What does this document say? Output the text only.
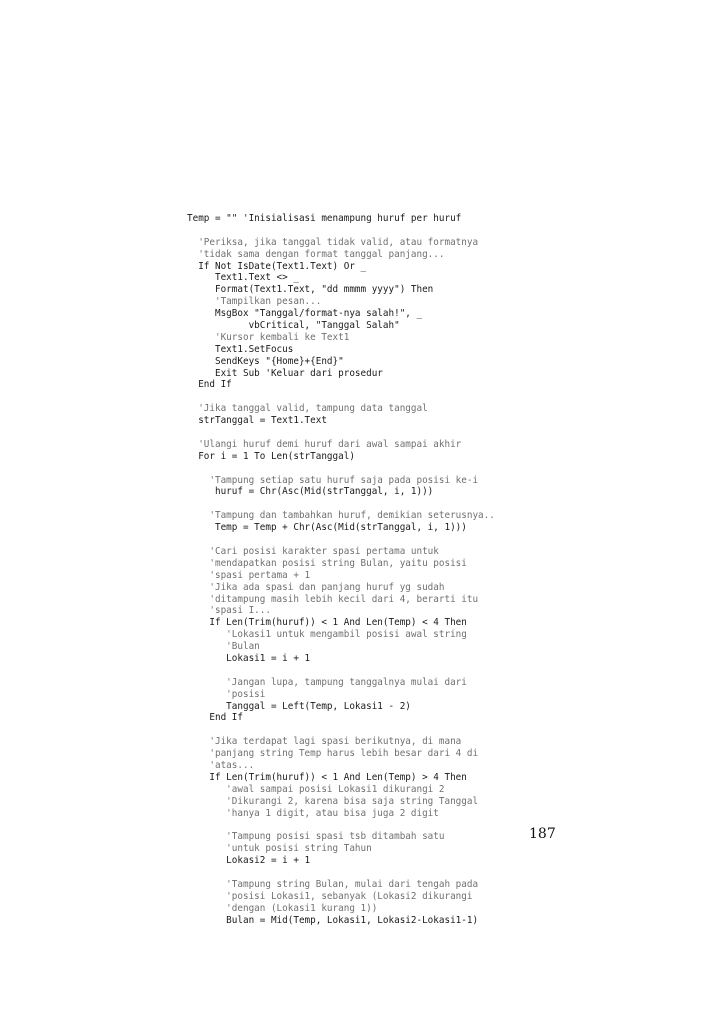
Temp = "" 'Inisialisasi menampung huruf per huruf
'Periksa, jika tanggal tidak valid, atau formatnya
'tidak sama dengan format tanggal panjang...
If Not IsDate(Text1.Text) Or _
Text1.Text <> _
Format(Text1.Text, "dd mmmm yyyy") Then
'Tampilkan pesan...
MsgBox "Tanggal/format-nya salah!", _
vbCritical, "Tanggal Salah"
'Kursor kembali ke Text1
Text1.SetFocus
SendKeys "{Home}+{End}"
Exit Sub 'Keluar dari prosedur
End If
'Jika tanggal valid, tampung data tanggal
strTanggal = Text1.Text
'Ulangi huruf demi huruf dari awal sampai akhir
For i = 1 To Len(strTanggal)
'Tampung setiap satu huruf saja pada posisi ke-i
huruf = Chr(Asc(Mid(strTanggal, i, 1)))
'Tampung dan tambahkan huruf, demikian seterusnya..
Temp = Temp + Chr(Asc(Mid(strTanggal, i, 1)))
'Cari posisi karakter spasi pertama untuk
'mendapatkan posisi string Bulan, yaitu posisi
'spasi pertama + 1
'Jika ada spasi dan panjang huruf yg sudah
'ditampung masih lebih kecil dari 4, berarti itu
'spasi I...
If Len(Trim(huruf)) < 1 And Len(Temp) < 4 Then
'Lokasi1 untuk mengambil posisi awal string
'Bulan
Lokasi1 = i + 1
'Jangan lupa, tampung tanggalnya mulai dari
'posisi
Tanggal = Left(Temp, Lokasi1 - 2)
End If
'Jika terdapat lagi spasi berikutnya, di mana
'panjang string Temp harus lebih besar dari 4 di
'atas...
If Len(Trim(huruf)) < 1 And Len(Temp) > 4 Then
'awal sampai posisi Lokasi1 dikurangi 2
'Dikurangi 2, karena bisa saja string Tanggal
'hanya 1 digit, atau bisa juga 2 digit
'Tampung posisi spasi tsb ditambah satu
'untuk posisi string Tahun
Lokasi2 = i + 1
'Tampung string Bulan, mulai dari tengah pada
'posisi Lokasi1, sebanyak (Lokasi2 dikurangi
'dengan (Lokasi1 kurang 1))
Bulan = Mid(Temp, Lokasi1, Lokasi2-Lokasi1-1)
187
